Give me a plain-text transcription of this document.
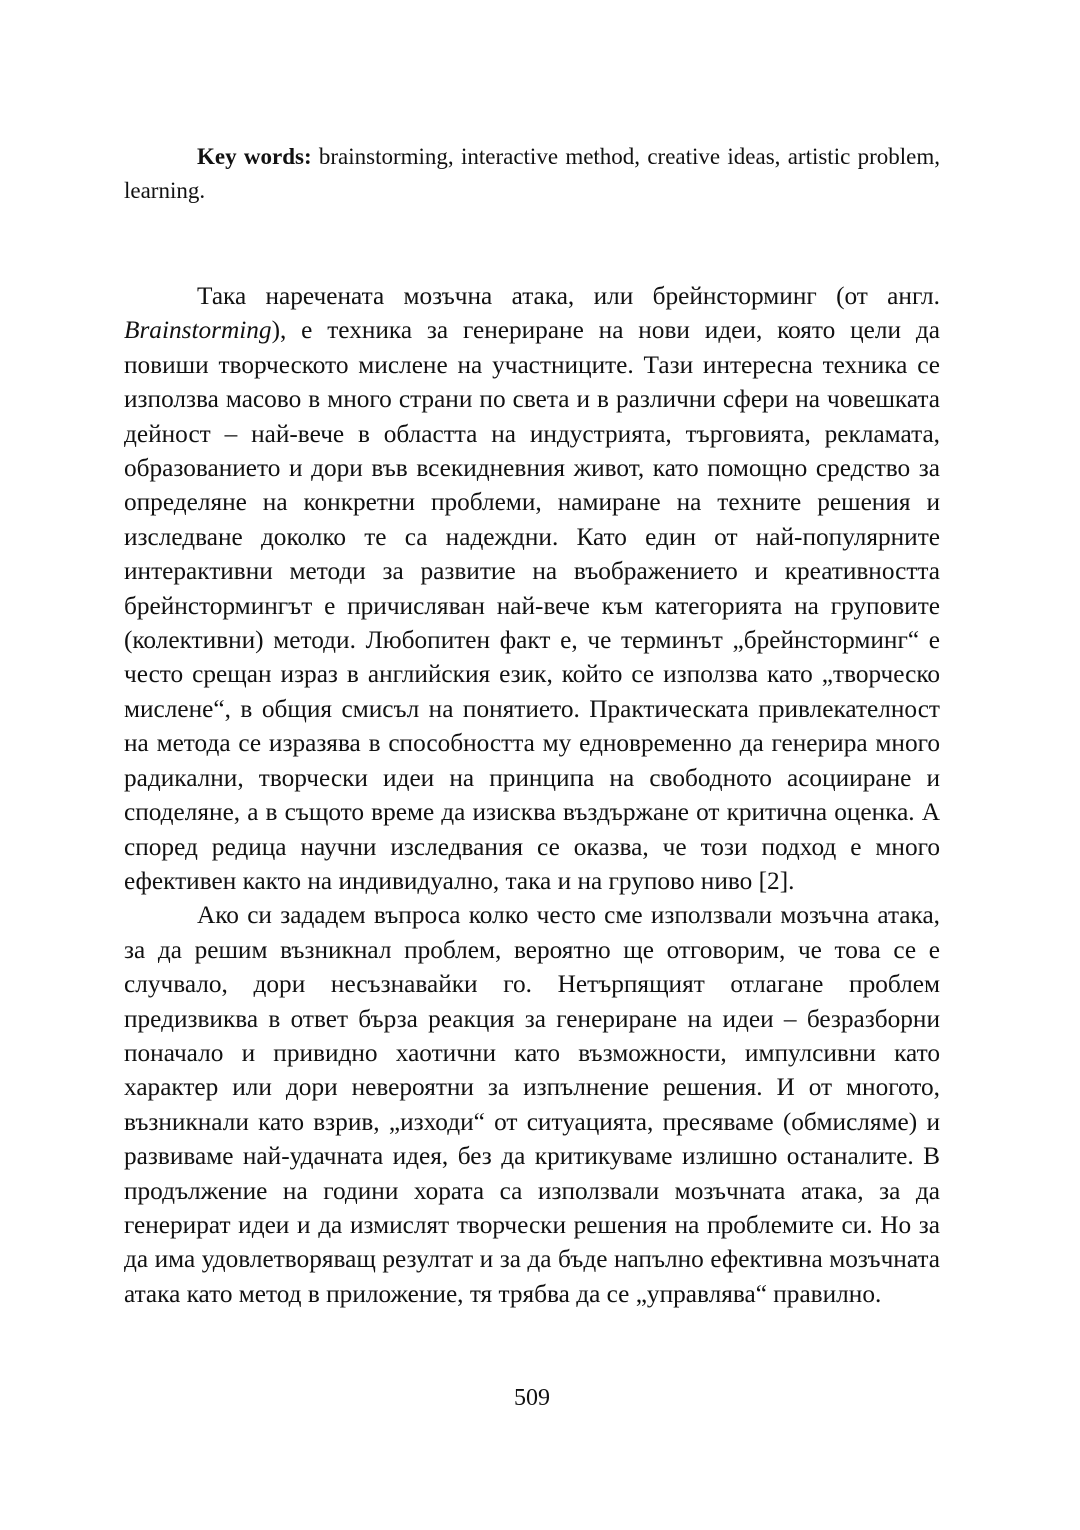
Key words: brainstorming, interactive method, creative ideas, artistic problem, learning.

Така наречената мозъчна атака, или брейнсторминг (от англ. Brainstorming), е техника за генериране на нови идеи, която цели да повиши творческото мислене на участниците. Тази интересна техника се използва масово в много страни по света и в различни сфери на човешката дейност – най-вече в областта на индустрията, търговията, рекламата, образованието и дори във всекидневния живот, като помощно средство за определяне на конкретни проблеми, намиране на техните решения и изследване доколко те са надеждни. Като един от най-популярните интерактивни методи за развитие на въображението и креативността брейнстормингът е причисляван най-вече към категорията на груповите (колективни) методи. Любопитен факт е, че терминът „брейнсторминг“ е често срещан израз в английския език, който се използва като „творческо мислене“, в общия смисъл на понятието. Практическата привлекателност на метода се изразява в способността му едновременно да генерира много радикални, творчески идеи на принципа на свободното асоцииране и споделяне, а в същото време да изисква въздържане от критична оценка. А според редица научни изследвания се оказва, че този подход е много ефективен както на индивидуално, така и на групово ниво [2].

Ако си зададем въпроса колко често сме използвали мозъчна атака, за да решим възникнал проблем, вероятно ще отговорим, че това се е случвало, дори несъзнавайки го. Нетърпящият отлагане проблем предизвиква в ответ бърза реакция за генериране на идеи – безразборни поначало и привидно хаотични като възможности, импулсивни като характер или дори невероятни за изпълнение решения. И от многото, възникнали като взрив, „изходи“ от ситуацията, пресяваме (обмисляме) и развиваме най-удачната идея, без да критикуваме излишно останалите. В продължение на години хората са използвали мозъчната атака, за да генерират идеи и да измислят творчески решения на проблемите си. Но за да има удовлетворяващ резултат и за да бъде напълно ефективна мозъчната атака като метод в приложение, тя трябва да се „управлява“ правилно.

509
